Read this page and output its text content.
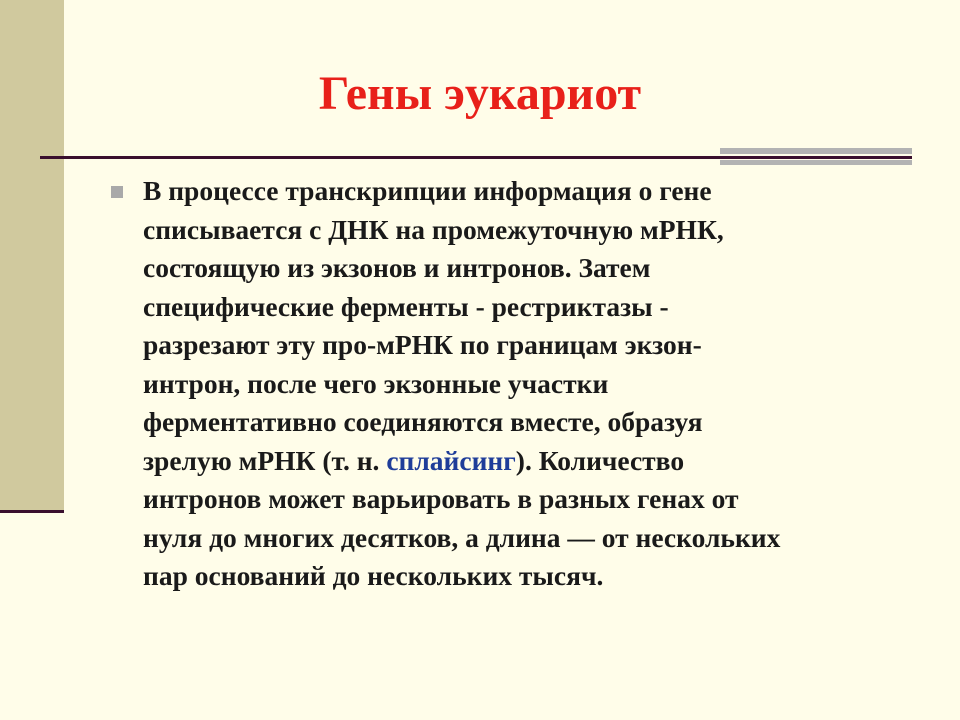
Гены эукариот
В процессе транскрипции информация о гене
списывается с ДНК на промежуточную мРНК,
состоящую из экзонов и интронов. Затем
специфические ферменты - рестриктазы -
разрезают эту про-мРНК по границам экзон-
интрон, после чего экзонные участки
ферментативно соединяются вместе, образуя
зрелую мРНК (т. н. сплайсинг). Количество
интронов может варьировать в разных генах от
нуля до многих десятков, а длина — от нескольких
пар оснований до нескольких тысяч.
